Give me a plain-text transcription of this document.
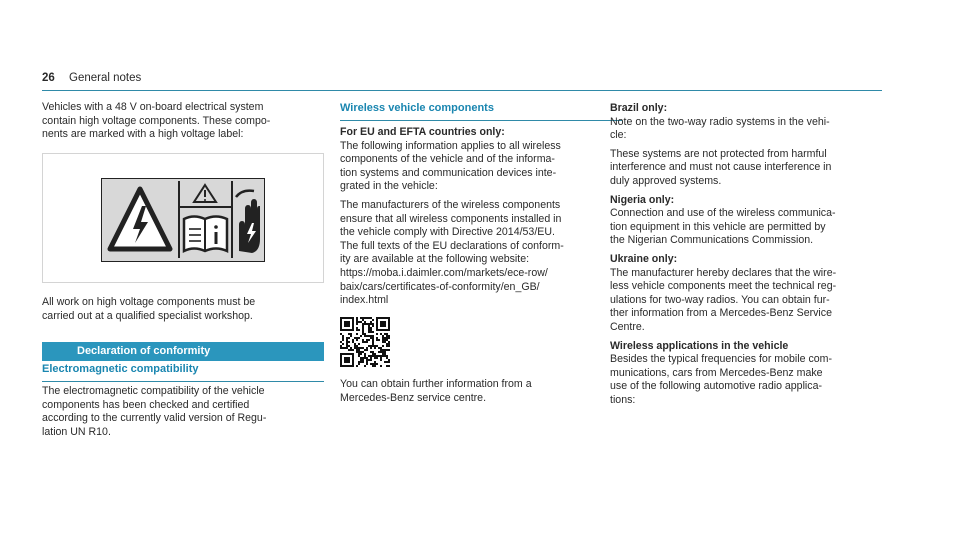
26 General notes

Vehicles with a 48 V on-board electrical system
contain high voltage components. These compo-
nents are marked with a high voltage label:

All work on high voltage components must be
carried out at a qualified specialist workshop.

Declaration of conformity
Electromagnetic compatibility

The electromagnetic compatibility of the vehicle
components has been checked and certified
according to the currently valid version of Regu-
lation UN R10.

Wireless vehicle components
For EU and EFTA countries only:

The following information applies to all wireless
components of the vehicle and of the informa-
tion systems and communication devices inte-
grated in the vehicle:

The manufacturers of the wireless components
ensure that all wireless components installed in
the vehicle comply with Directive 2014/53/EU.
The full texts of the EU declarations of conform-
ity are available at the following website:
https://moba.i.daimler.com/markets/ece-row/
baix/cars/certificates-of-conformity/en_GB/
index.html

You can obtain further information from a
Mercedes-Benz service centre.

Brazil only:

Note on the two-way radio systems in the vehi-
cle:

These systems are not protected from harmful
interference and must not cause interference in
duly approved systems.

Nigeria only:

Connection and use of the wireless communica-
tion equipment in this vehicle are permitted by
the Nigerian Communications Commission.

Ukraine only:

The manufacturer hereby declares that the wire-
less vehicle components meet the technical reg-
ulations for two-way radios. You can obtain fur-
ther information from a Mercedes-Benz Service
Centre.

Wireless applications in the vehicle

Besides the typical frequencies for mobile com-
munications, cars from Mercedes-Benz make
use of the following automotive radio applica-
tions:
